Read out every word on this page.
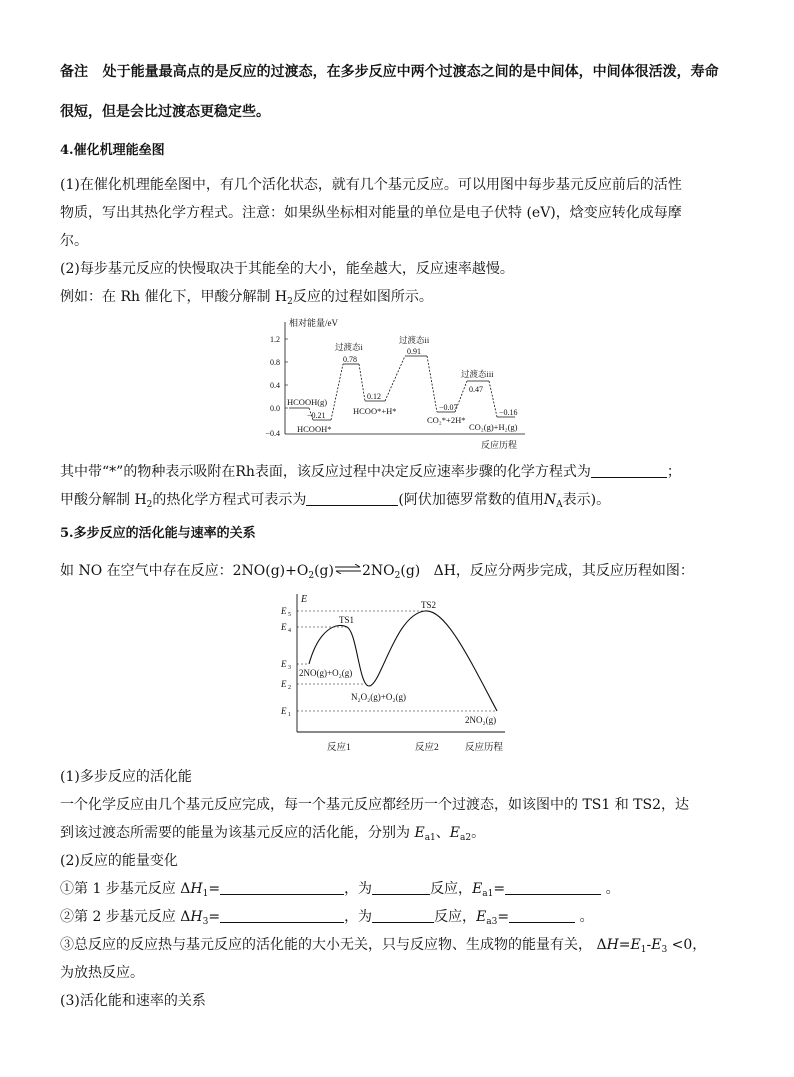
备注 处于能量最高点的是反应的过渡态，在多步反应中两个过渡态之间的是中间体，中间体很活泼，寿命
很短，但是会比过渡态更稳定些。
4.催化机理能垒图
(1)在催化机理能垒图中，有几个活化状态，就有几个基元反应。可以用图中每步基元反应前后的活性
物质，写出其热化学方程式。注意：如果纵坐标相对能量的单位是电子伏特 (eV)，焓变应转化成每摩
尔。
(2)每步基元反应的快慢取决于其能垒的大小，能垒越大，反应速率越慢。
例如：在 Rh 催化下，甲酸分解制 $H_2$反应的过程如图所示。
相对能量/eV
1.2
0.8
0.4
0.0
−0.4
HCOOH(g)
−0.21
HCOOH*
过渡态i
0.78
0.12
HCOO*+H*
过渡态ii
0.91
−0.07
CO₂*+2H*
过渡态iii
0.47
−0.16
CO₂(g)+H₂(g)
反应历程
其中带“*”的物种表示吸附在Rh表面，该反应过程中决定反应速率步骤的化学方程式为	；
甲酸分解制 $H_2$的热化学方程式可表示为	(阿伏加德罗常数的值用$N_A$表示)。
5.多步反应的活化能与速率的关系
如 NO 在空气中存在反应：$2NO(g)+O_2(g)\rightleftharpoons 2NO_2(g)$ ΔH，反应分两步完成，其反应历程如图：
E
E 5
E 4
E 3
E 2
E 1
TS1
TS2
2NO(g)+O₂(g)
N₂O₂(g)+O₂(g)
2NO₂(g)
反应1	反应2	反应历程
(1)多步反应的活化能
一个化学反应由几个基元反应完成，每一个基元反应都经历一个过渡态，如该图中的 TS1 和 TS2，达
到该过渡态所需要的能量为该基元反应的活化能，分别为 $E_{a1}$、$E_{a2}$。
(2)反应的能量变化
①第 1 步基元反应 $\Delta H_1=$	，为	反应，$E_{a1}=$	。
②第 2 步基元反应 $\Delta H_3=$	，为	反应，$E_{a3}=$	。
③总反应的反应热与基元反应的活化能的大小无关，只与反应物、生成物的能量有关， $\Delta H=E_1-E_3 <0$，
为放热反应。
(3)活化能和速率的关系
